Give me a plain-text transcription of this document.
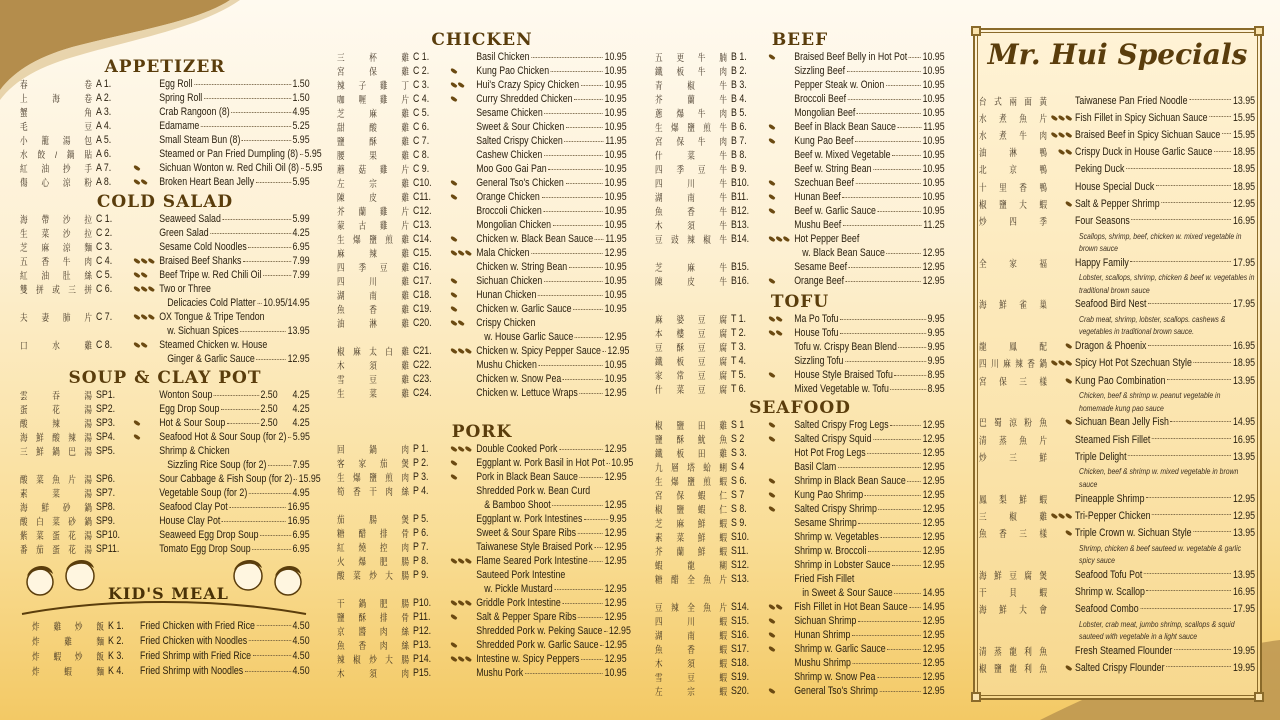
APPETIZER
春卷 A 1.	Egg Roll	1.50
上海卷 A 2.	Spring Roll	1.50
蟹角 A 3.	Crab Rangoon (8)	4.95
毛豆 A 4.	Edamame	5.25
小籠湯包 A 5.	Small Steam Bun (8)	5.95
水餃/鍋貼 A 6.	Steamed or Pan Fried Dumpling (8) 5.95
紅油抄手 A 7.	Sichuan Wonton w. Red Chili Oil (8) 5.95
傷心涼粉 A 8.	Broken Heart Bean Jelly	5.95
COLD SALAD
海帶沙拉 C 1.	Seaweed Salad	5.99
生菜沙拉 C 2.	Green Salad	4.25
芝麻涼麵 C 3.	Sesame Cold Noodles	6.95
五香牛肉 C 4.	Braised Beef Shanks	7.99
紅油肚絲 C 5.	Beef Tripe w. Red Chili Oil	7.99
雙拼或三拼 C 6.	Two or Three
Delicacies Cold Platter 10.95/14.95
夫妻肺片 C 7.	OX Tongue & Tripe Tendon
w. Sichuan Spices	13.95
口水雞 C 8.	Steamed Chicken w. House
Ginger & Garlic Sauce	12.95
SOUP & CLAY POT
雲吞湯 SP1.	Wonton Soup	2.50	4.25
蛋花湯 SP2.	Egg Drop Soup	2.50	4.25
酸辣湯 SP3.	Hot & Sour Soup	2.50	4.25
海鮮酸辣湯 SP4.	Seafood Hot & Sour Soup (for 2) 5.95
三鮮鍋巴湯 SP5.	Shrimp & Chicken
Sizzling Rice Soup (for 2) 7.95
酸菜魚片湯 SP6.	Sour Cabbage & Fish Soup (for 2) 15.95
素菜湯 SP7.	Vegetable Soup (for 2)	4.95
海鮮砂鍋 SP8.	Seafood Clay Pot	16.95
酸白菜砂鍋 SP9.	House Clay Pot	16.95
紫菜蛋花湯 SP10.	Seaweed Egg Drop Soup	6.95
番茄蛋花湯 SP11.	Tomato Egg Drop Soup	6.95
炸雞炒飯 K 1.	Fried Chicken with Fried Rice	4.50
炸雞麵 K 2.	Fried Chicken with Noodles	4.50
炸蝦炒飯 K 3.	Fried Shrimp with Fried Rice	4.50
炸蝦麵 K 4.	Fried Shrimp with Noodles	4.50
CHICKEN
三杯雞 C 1.	Basil Chicken	10.95
宮保雞 C 2.	Kung Pao Chicken	10.95
辣子雞丁 C 3.	Hui's Crazy Spicy Chicken 10.95
咖喱雞片 C 4.	Curry Shredded Chicken	10.95
芝麻雞 C 5.	Sesame Chicken	10.95
甜酸雞 C 6.	Sweet & Sour Chicken	10.95
鹽酥雞 C 7.	Salted Crispy Chicken	11.95
腰果雞 C 8.	Cashew Chicken	10.95
蘑菇雞片 C 9.	Moo Goo Gai Pan	10.95
左宗雞 C10.	General Tso's Chicken	10.95
陳皮雞 C11.	Orange Chicken	10.95
芥蘭雞片 C12.	Broccoli Chicken	10.95
蒙古雞片 C13.	Mongolian Chicken	10.95
生爆鹽煎雞 C14.	Chicken w. Black Bean Sauce 11.95
麻辣雞 C15.	Mala Chicken	12.95
四季豆雞 C16.	Chicken w. String Bean	10.95
四川雞 C17.	Sichuan Chicken	10.95
湖南雞 C18.	Hunan Chicken	10.95
魚香雞 C19.	Chicken w. Garlic Sauce	10.95
油淋雞 C20.	Crispy Chicken
w. House Garlic Sauce	12.95
椒麻太白雞 C21.	Chicken w. Spicy Pepper Sauce 12.95
木須雞 C22.	Mushu Chicken	10.95
雪豆雞 C23.	Chicken w. Snow Pea	10.95
生菜雞 C24.	Chicken w. Lettuce Wraps 12.95
PORK
回鍋肉 P 1.	Double Cooked Pork	12.95
客家茄煲 P 2.	Eggplant w. Pork Basil in Hot Pot 10.95
生爆鹽煎肉 P 3.	Pork in Black Bean Sauce 12.95
筍香干肉絲 P 4.	Shredded Pork w. Bean Curd
& Bamboo Shoot	12.95
茄腸煲 P 5.	Eggplant w. Pork Intestines 9.95
糖醋排骨 P 6.	Sweet & Sour Spare Ribs	12.95
紅燒控肉 P 7.	Taiwanese Style Braised Pork 12.95
火爆肥腸 P 8.	Flame Seared Pork Intestine 12.95
酸菜炒大腸 P 9.	Sauteed Pork Intestine
w. Pickle Mustard	12.95
干鍋肥腸 P10.	Griddle Pork Intestine	12.95
鹽酥排骨 P11.	Salt & Pepper Spare Ribs	12.95
京醬肉絲 P12.	Shredded Pork w. Peking Sauce 12.95
魚香肉絲 P13.	Shredded Pork w. Garlic Sauce 12.95
辣椒炒大腸 P14.	Intestine w. Spicy Peppers 12.95
木須肉 P15.	Mushu Pork	10.95
BEEF
五更牛腩 B 1.	Braised Beef Belly in Hot Pot 10.95
鐵板牛肉 B 2.	Sizzling Beef	10.95
青椒牛 B 3.	Pepper Steak w. Onion	10.95
芥蘭牛 B 4.	Broccoli Beef	10.95
蔥爆牛肉 B 5.	Mongolian Beef	10.95
生爆鹽煎牛 B 6.	Beef in Black Bean Sauce 11.95
宮保牛肉 B 7.	Kung Pao Beef	10.95
什菜牛 B 8.	Beef w. Mixed Vegetable	10.95
四季豆牛 B 9.	Beef w. String Bean	10.95
四川牛 B10.	Szechuan Beef	10.95
湖南牛 B11.	Hunan Beef	10.95
魚香牛 B12.	Beef w. Garlic Sauce	10.95
木須牛 B13.	Mushu Beef	11.25
豆豉辣椒牛 B14.	Hot Pepper Beef
w. Black Bean Sauce	12.95
芝麻牛 B15.	Sesame Beef	12.95
陳皮牛 B16.	Orange Beef	12.95
TOFU
麻婆豆腐 T 1.	Ma Po Tofu	9.95
本樓豆腐 T 2.	House Tofu	9.95
豆酥豆腐 T 3.	Tofu w. Crispy Bean Blend	9.95
鐵板豆腐 T 4.	Sizzling Tofu	9.95
家常豆腐 T 5.	House Style Braised Tofu	8.95
什菜豆腐 T 6.	Mixed Vegetable w. Tofu	8.95
SEAFOOD
椒鹽田雞 S 1	Salted Crispy Frog Legs	12.95
鹽酥魷魚 S 2	Salted Crispy Squid	12.95
鐵板田雞 S 3.	Hot Pot Frog Legs	12.95
九層塔蛤蜊 S 4	Basil Clam	12.95
生爆鹽煎蝦 S 6.	Shrimp in Black Bean Sauce 12.95
宮保蝦仁 S 7	Kung Pao Shrimp	12.95
椒鹽蝦仁 S 8.	Salted Crispy Shrimp	12.95
芝麻鮮蝦 S 9.	Sesame Shrimp	12.95
素菜鮮蝦 S10.	Shrimp w. Vegetables	12.95
芥蘭鮮蝦 S11.	Shrimp w. Broccoli	12.95
蝦龍糊 S12.	Shrimp in Lobster Sauce	12.95
糖醋全魚片 S13.	Fried Fish Fillet
in Sweet & Sour Sauce	14.95
豆辣全魚片 S14.	Fish Fillet in Hot Bean Sauce 14.95
四川蝦 S15.	Sichuan Shrimp	12.95
湖南蝦 S16.	Hunan Shrimp	12.95
魚香蝦 S17.	Shrimp w. Garlic Sauce	12.95
木須蝦 S18.	Mushu Shrimp	12.95
雪豆蝦 S19.	Shrimp w. Snow Pea	12.95
左宗蝦 S20.	General Tso's Shrimp	12.95
KID'S MEAL
Mr. Hui Specials
台式兩面黃	Taiwanese Pan Fried Noodle	13.95
水煮魚片	Fish Fillet in Spicy Sichuan Sauce 15.95
水煮牛肉	Braised Beef in Spicy Sichuan Sauce 15.95
油淋鴨	Crispy Duck in House Garlic Sauce 18.95
北京鴨	Peking Duck	18.95
十里香鴨	House Special Duck	18.95
椒鹽大蝦	Salt & Pepper Shrimp	12.95
炒四季	Four Seasons	16.95
Scallops, shrimp, beef, chicken w. mixed vegetable in brown sauce
全家福	Happy Family	17.95
Lobster, scallops, shrimp, chicken & beef w. vegetables in traditional brown sauce
海鮮雀巢	Seafood Bird Nest	17.95
Crab meat, shrimp, lobster, scallops. cashews & vegetables in traditional brown sauce.
龍鳳配	Dragon & Phoenix	16.95
四川麻辣香鍋	Spicy Hot Pot Szechuan Style	18.95
宮保三樣	Kung Pao Combination	13.95
Chicken, beef & shrimp w. peanut vegetable in homemade kung pao sauce
巴蜀涼粉魚	Sichuan Bean Jelly Fish	14.95
清蒸魚片	Steamed Fish Fillet	16.95
炒三鮮	Triple Delight	13.95
Chicken, beef & shrimp w. mixed vegetable in brown sauce
鳳梨鮮蝦	Pineapple Shrimp	12.95
三椒雞	Tri-Pepper Chicken	12.95
魚香三樣	Triple Crown w. Sichuan Style	13.95
Shrimp, chicken & beef sauteed w. vegetable & garlic spicy sauce
海鮮豆腐煲	Seafood Tofu Pot	13.95
干貝蝦	Shrimp w. Scallop	16.95
海鮮大會	Seafood Combo	17.95
Lobster, crab meat, jumbo shrimp, scallops & squid sauteed with vegetable in a light sauce
清蒸龍利魚	Fresh Steamed Flounder	19.95
椒鹽龍利魚	Salted Crispy Flounder	19.95
